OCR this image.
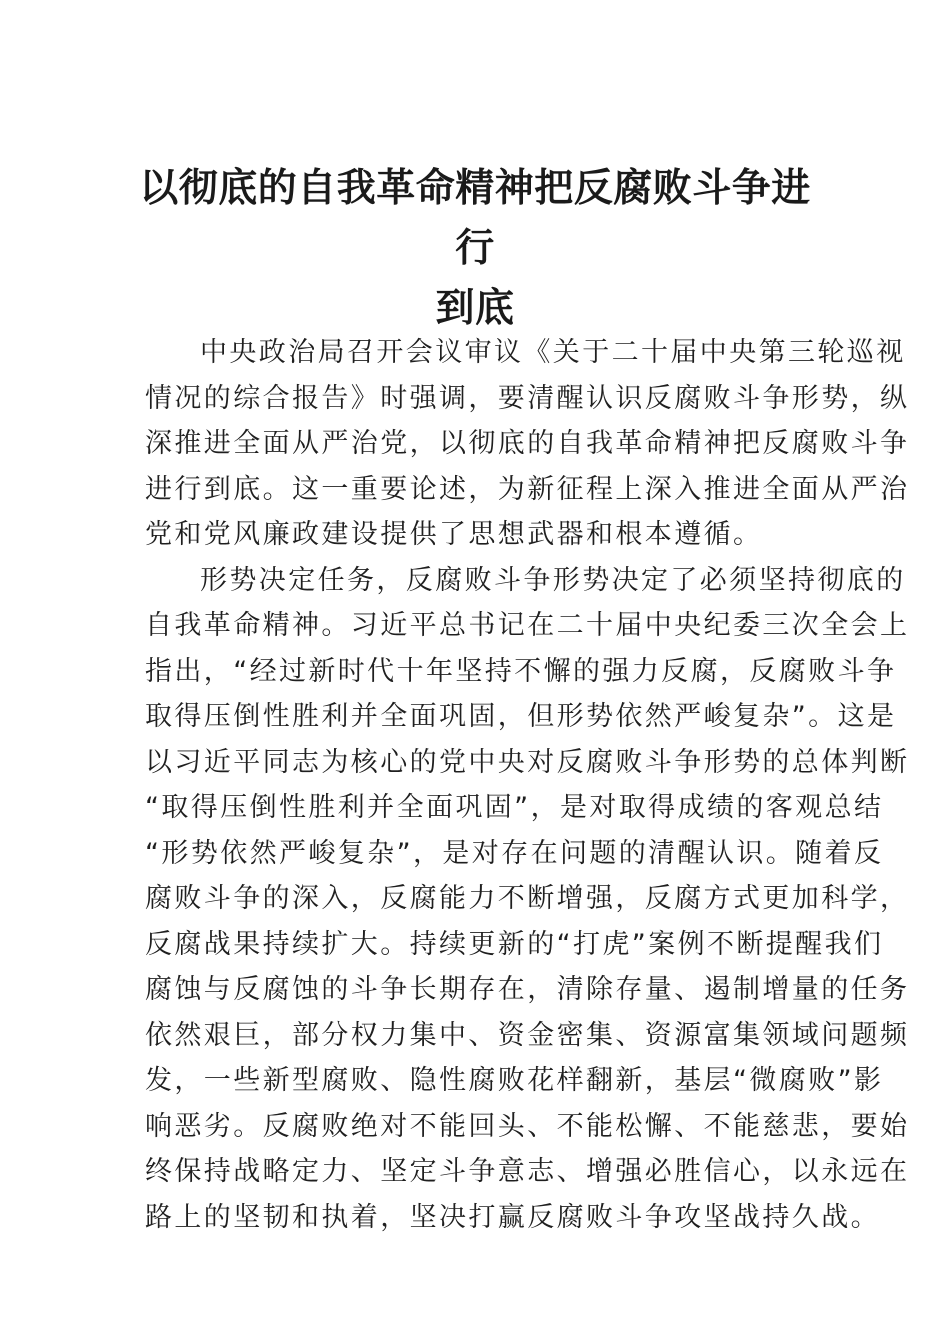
以彻底的自我革命精神把反腐败斗争进行
到底
中央政治局召开会议审议《关于二十届中央第三轮巡视
情况的综合报告》时强调，要清醒认识反腐败斗争形势，纵
深推进全面从严治党，以彻底的自我革命精神把反腐败斗争
进行到底。这一重要论述，为新征程上深入推进全面从严治
党和党风廉政建设提供了思想武器和根本遵循。
形势决定任务，反腐败斗争形势决定了必须坚持彻底的
自我革命精神。习近平总书记在二十届中央纪委三次全会上
指出，“经过新时代十年坚持不懈的强力反腐，反腐败斗争
取得压倒性胜利并全面巩固，但形势依然严峻复杂”。这是
以习近平同志为核心的党中央对反腐败斗争形势的总体判断
“取得压倒性胜利并全面巩固”，是对取得成绩的客观总结
“形势依然严峻复杂”，是对存在问题的清醒认识。随着反
腐败斗争的深入，反腐能力不断增强，反腐方式更加科学，
反腐战果持续扩大。持续更新的“打虎”案例不断提醒我们
腐蚀与反腐蚀的斗争长期存在，清除存量、遏制增量的任务
依然艰巨，部分权力集中、资金密集、资源富集领域问题频
发，一些新型腐败、隐性腐败花样翻新，基层“微腐败”影
响恶劣。反腐败绝对不能回头、不能松懈、不能慈悲，要始
终保持战略定力、坚定斗争意志、增强必胜信心，以永远在
路上的坚韧和执着，坚决打赢反腐败斗争攻坚战持久战。
